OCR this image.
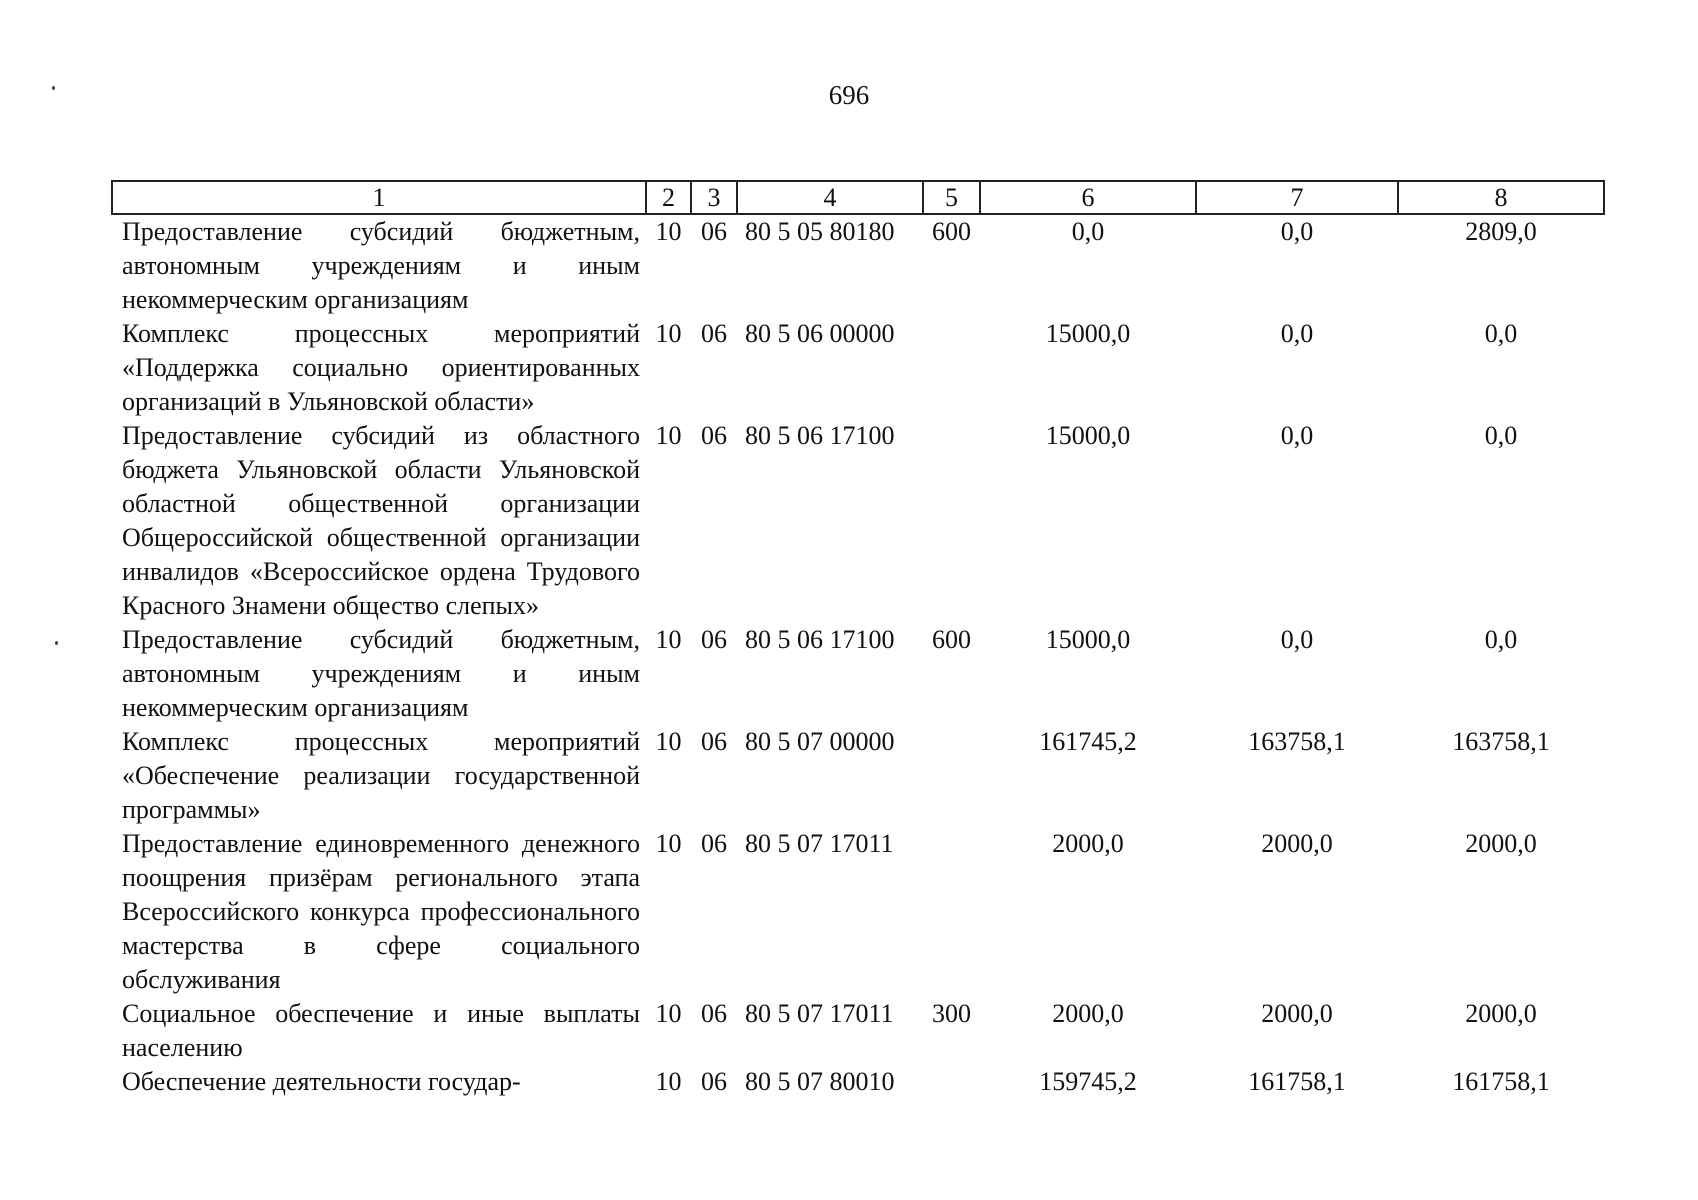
696
1	2	3	4	5	6	7	8
Предоставление субсидий бюджетным, автономным учреждениям и иным некоммерческим организациям	10	06	80 5 05 80180	600	0,0	0,0	2809,0
Комплекс процессных мероприятий «Поддержка социально ориентированных организаций в Ульяновской области»	10	06	80 5 06 00000		15000,0	0,0	0,0
Предоставление субсидий из областного бюджета Ульяновской области Ульяновской областной общественной организации Общероссийской общественной организации инвалидов «Всероссийское ордена Трудового Красного Знамени общество слепых»	10	06	80 5 06 17100		15000,0	0,0	0,0
Предоставление субсидий бюджетным, автономным учреждениям и иным некоммерческим организациям	10	06	80 5 06 17100	600	15000,0	0,0	0,0
Комплекс процессных мероприятий «Обеспечение реализации государственной программы»	10	06	80 5 07 00000		161745,2	163758,1	163758,1
Предоставление единовременного денежного поощрения призёрам регионального этапа Всероссийского конкурса профессионального мастерства в сфере социального обслуживания	10	06	80 5 07 17011		2000,0	2000,0	2000,0
Социальное обеспечение и иные выплаты населению	10	06	80 5 07 17011	300	2000,0	2000,0	2000,0
Обеспечение деятельности государ-	10	06	80 5 07 80010		159745,2	161758,1	161758,1
